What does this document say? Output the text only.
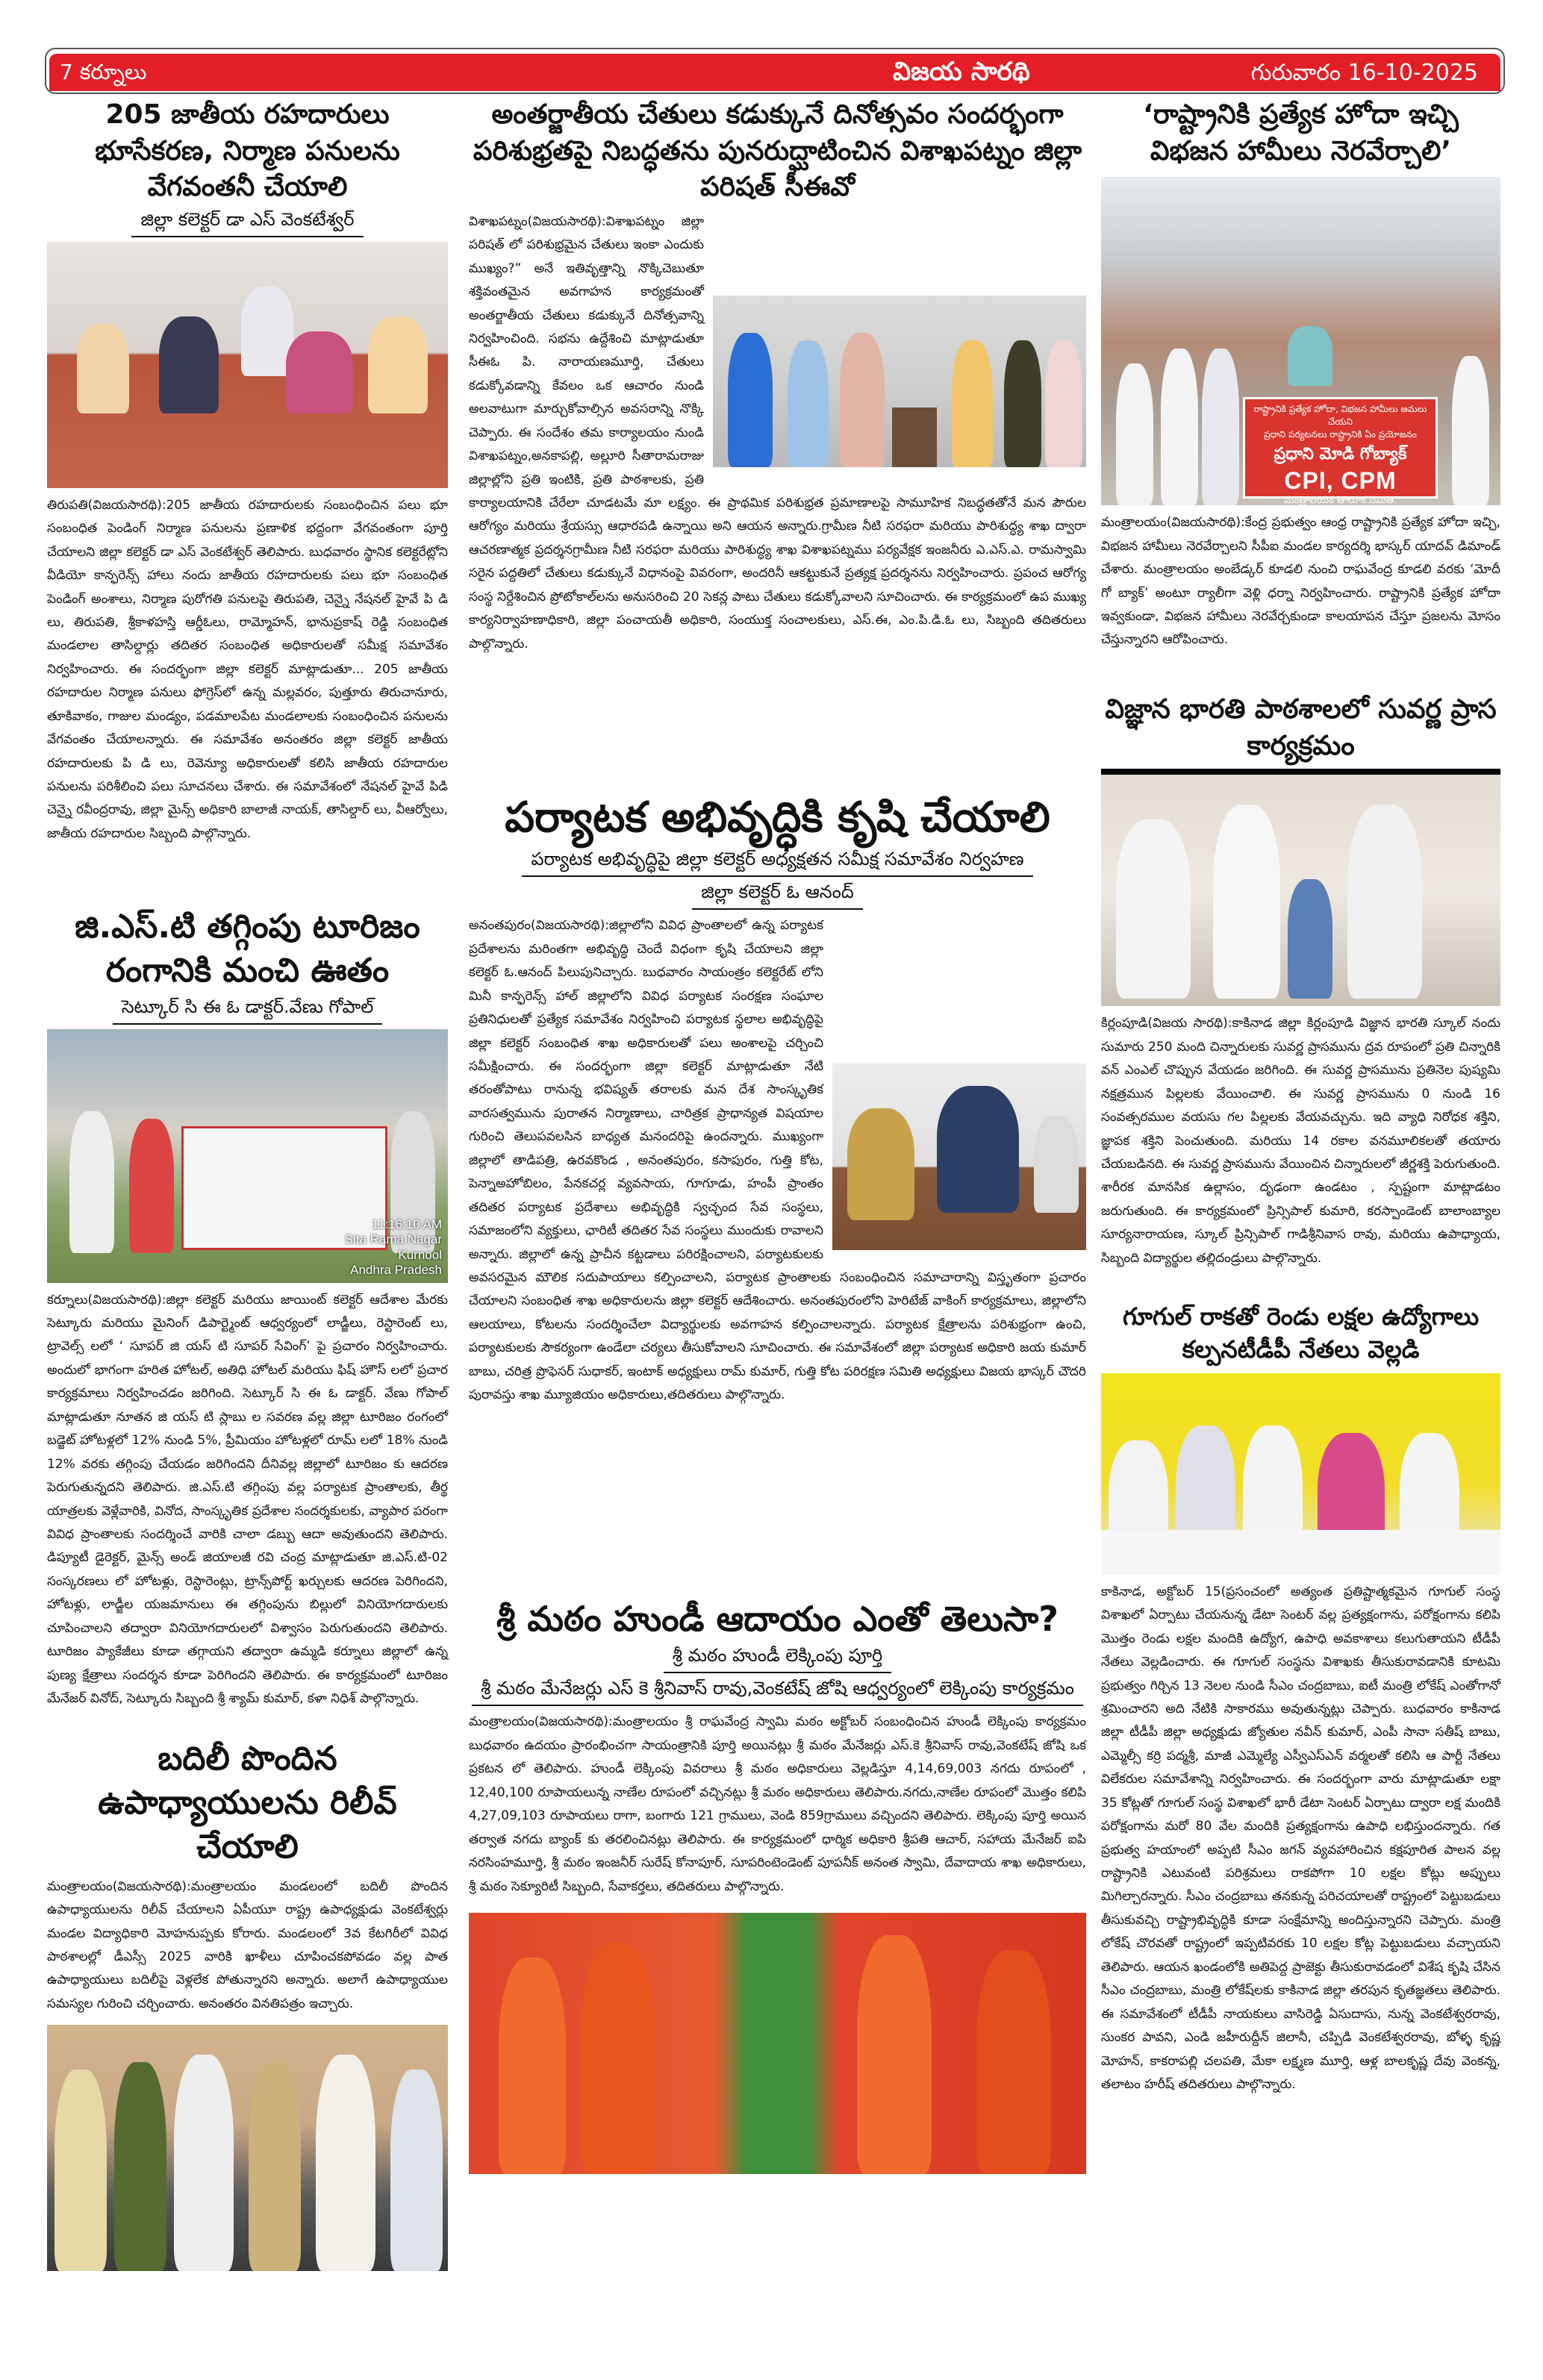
7 కర్నూలు	విజయ సారథి	గురువారం 16-10-2025
205 జాతీయ రహదారులు భూసేకరణ, నిర్మాణ పనులను వేగవంతనీ చేయాలి
జిల్లా కలెక్టర్ డా ఎస్ వెంకటేశ్వర్

తిరుపతి(విజయసారథి):205 జాతీయ రహదారులకు సంబంధించిన పలు భూ సంబంధిత పెండింగ్ నిర్మాణ పనులను ప్రణాళిక భద్దంగా వేగవంతంగా పూర్తి చేయాలని జిల్లా కలెక్టర్ డా ఎస్ వెంకటేశ్వర్ తెలిపారు. బుధవారం స్థానిక కలెక్టరేట్లోని వీడియో కాన్ఫరెన్స్ హాలు నందు జాతీయ రహదారులకు పలు భూ సంబంధిత పెండింగ్ అంశాలు, నిర్మాణ పురోగతి పనులపై తిరుపతి, చెన్నై నేషనల్ హైవే పి డి లు, తిరుపతి, శ్రీకాళహస్తి ఆర్డీఓలు, రామ్మోహన్, భానుప్రకాష్ రెడ్డి సంబంధిత మండలాల తాసిల్దార్లు తదితర సంబంధిత అధికారులతో సమీక్ష సమావేశం నిర్వహించారు. ఈ సందర్భంగా జిల్లా కలెక్టర్ మాట్లాడుతూ... 205 జాతీయ రహదారుల నిర్మాణ పనులు ఫోగ్రెస్‌లో ఉన్న మల్లవరం, పుత్తూరు తిరుచానూరు, తూకివాకం, గాజుల మండ్యం, పడమాలపేట మండలాలకు సంబంధించిన పనులను వేగవంతం చేయాలన్నారు. ఈ సమావేశం అనంతరం జిల్లా కలెక్టర్ జాతీయ రహదారులకు పి డి లు, రెవెన్యూ అధికారులతో కలిసి జాతీయ రహదారుల పనులను పరిశీలించి పలు సూచనలు చేశారు. ఈ సమావేశంలో నేషనల్ హైవే పిడి చెన్నై రవీంద్రరావు, జిల్లా మైన్స్ అధికారి బాలాజీ నాయక్, తాసిల్దార్ లు, వీఆర్వోలు, జాతీయ రహదారుల సిబ్బంది పాల్గొన్నారు.

జి.ఎస్.టి తగ్గింపు టూరిజం రంగానికి మంచి ఊతం
సెట్కూర్ సి ఈ ఓ డాక్టర్.వేణు గోపాల్
11:16:10 AM
Sita Rama Nagar
Kurnool
Andhra Pradesh

కర్నూలు(విజయసారథి):జిల్లా కలెక్టర్ మరియు జాయింట్ కలెక్టర్ ఆదేశాల మేరకు సెట్కూరు మరియు మైనింగ్ డిపార్ట్మెంట్ ఆధ్వర్యంలో లాడ్జీలు, రెస్టారెంట్ లు, ట్రావెల్స్ లలో ‘ సూపర్ జి యస్ టి సూపర్ సేవింగ్’ పై ప్రచారం నిర్వహించారు. అందులో భాగంగా హరిత హోటల్, అతిధి హోటల్ మరియు ఫిష్ హౌస్ లలో ప్రచార కార్యక్రమాలు నిర్వహించడం జరిగింది. సెట్కూర్ సి ఈ ఓ డాక్టర్. వేణు గోపాల్ మాట్లాడుతూ నూతన జి యస్ టి స్లాబు ల సవరణ వల్ల జిల్లా టూరిజం రంగంలో బడ్జెట్ హోటళ్లలో 12% నుండి 5%, ప్రీమియం హోటళ్లలో రూమ్ లలో 18% నుండి 12% వరకు తగ్గింపు చేయడం జరిగిందని దీనివల్ల జిల్లాలో టూరిజం కు ఆదరణ పెరుగుతున్నదని తెలిపారు. జి.ఎస్.టి తగ్గింపు వల్ల పర్యాటక ప్రాంతాలకు, తీర్థ యాత్రలకు వెళ్లేవారికి, వినోద, సాంస్కృతిక ప్రదేశాల సందర్శకులకు, వ్యాపార పరంగా వివిధ ప్రాంతాలకు సందర్శించే వారికి చాలా డబ్బు ఆదా అవుతుందని తెలిపారు. డిప్యూటీ డైరెక్టర్, మైన్స్ అండ్ జియాలజీ రవి చంద్ర మాట్లాడుతూ జి.ఎస్.టి-02 సంస్కరణలు లో హోటళ్లు, రెస్టారెంట్లు, ట్రాన్స్‌పోర్ట్ ఖర్చులకు ఆదరణ పెరిగిందని, హోటళ్లు, లాడ్జీల యజమానులు ఈ తగ్గింపును బిల్లులో వినియోగదారులకు చూపించాలని తద్వారా వినియోగదారులలో విశ్వాసం పెరుగుతుందని తెలిపారు. టూరిజం ప్యాకేజీలు కూడా తగ్గాయని తద్వారా ఉమ్మడి కర్నూలు జిల్లాలో ఉన్న పుణ్య క్షేత్రాలు సందర్శన కూడా పెరిగిందని తెలిపారు. ఈ కార్యక్రమంలో టూరిజం మేనేజర్ వినోద్, సెట్కూరు సిబ్బంది శ్రీ శ్యామ్ కుమార్, కళా నిధిశ్ పాల్గొన్నారు.

బదిలీ పొందిన ఉపాధ్యాయులను రిలీవ్ చేయాలి

మంత్రాలయం(విజయసారథి):మంత్రాలయం మండలంలో బదిలీ పొందిన ఉపాధ్యాయులను రిలీవ్ చేయాలని ఏపీయూ రాష్ట్ర ఉపాధ్యక్షుడు వెంకటేశ్వర్లు మండల విద్యాధికారి మోహనుప్పకు కోరారు. మండలంలో 3వ కేటగిరీలో వివిధ పాఠశాలల్లో డీఎస్సీ 2025 వారికి ఖాళీలు చూపించకపోవడం వల్ల పాత ఉపాధ్యాయులు బదిలీపై వెళ్లలేక పోతున్నారని అన్నారు. అలాగే ఉపాధ్యాయుల సమస్యల గురించి చర్చించారు. అనంతరం వినతిపత్రం ఇచ్చారు.

అంతర్జాతీయ చేతులు కడుక్కునే దినోత్సవం సందర్భంగా పరిశుభ్రతపై నిబద్ధతను పునరుద్ఘాటించిన విశాఖపట్నం జిల్లా పరిషత్ సీఈవో

విశాఖపట్నం(విజయసారథి):విశాఖపట్నం జిల్లా పరిషత్ లో పరిశుభ్రమైన చేతులు ఇంకా ఎందుకు ముఖ్యం?” అనే ఇతివృత్తాన్ని నొక్కిచెబుతూ శక్తివంతమైన అవగాహన కార్యక్రమంతో అంతర్జాతీయ చేతులు కడుక్కునే దినోత్సవాన్ని నిర్వహించింది. సభను ఉద్దేశించి మాట్లాడుతూ సీఈఓ పి. నారాయణమూర్తి, చేతులు కడుక్కోవడాన్ని కేవలం ఒక ఆచారం నుండి అలవాటుగా మార్చుకోవాల్సిన అవసరాన్ని నొక్కి చెప్పారు. ఈ సందేశం తమ కార్యాలయం నుండి విశాఖపట్నం,అనకాపల్లి, అల్లూరి సీతారామరాజు జిల్లాల్లోని ప్రతి ఇంటికి, ప్రతి పాఠశాలకు, ప్రతి కార్యాలయానికి చేరేలా చూడటమే మా లక్ష్యం. ఈ ప్రాథమిక పరిశుభ్రత ప్రమాణాలపై సామూహిక నిబద్ధతతోనే మన పౌరుల ఆరోగ్యం మరియు శ్రేయస్సు ఆధారపడి ఉన్నాయి అని ఆయన అన్నారు.గ్రామీణ నీటి సరఫరా మరియు పారిశుద్ధ్య శాఖ ద్వారా ఆచరణాత్మక ప్రదర్శనగ్రామీణ నీటి సరఫరా మరియు పారిశుద్ధ్య శాఖ విశాఖపట్నము పర్యవేక్షక ఇంజనీరు ఎ.ఎస్.ఎ. రామస్వామి సరైన పద్దతిలో చేతులు కడుక్కునే విధానంపై వివరంగా, అందరినీ ఆకట్టుకునే ప్రత్యక్ష ప్రదర్శనను నిర్వహించారు. ప్రపంచ ఆరోగ్య సంస్థ నిర్దేశించిన ప్రోటోకాల్‌లను అనుసరించి 20 సెకన్ల పాటు చేతులు కడుక్కోవాలని సూచించారు. ఈ కార్యక్రమంలో ఉప ముఖ్య కార్యనిర్వాహణాధికారి, జిల్లా పంచాయతీ అధికారి, సంయుక్త సంచాలకులు, ఎస్.ఈ, ఎం.పి.డి.ఓ లు, సిబ్బంది తదితరులు పాల్గొన్నారు.

పర్యాటక అభివృద్ధికి కృషి చేయాలి
పర్యాటక అభివృద్ధిపై జిల్లా కలెక్టర్ అధ్యక్షతన సమీక్ష సమావేశం నిర్వహణ
జిల్లా కలెక్టర్ ఓ ఆనంద్

అనంతపురం(విజయసారథి):జిల్లాలోని వివిధ ప్రాంతాలలో ఉన్న పర్యాటక ప్రదేశాలను మరింతగా అభివృద్ధి చెందే విధంగా కృషి చేయాలని జిల్లా కలెక్టర్ ఓ.ఆనంద్ పిలుపునిచ్చారు. బుధవారం సాయంత్రం కలెక్టరేట్ లోని మినీ కాన్ఫరెన్స్ హాల్ జిల్లాలోని వివిధ పర్యాటక సంరక్షణ సంఘాల ప్రతినిధులతో ప్రత్యేక సమావేశం నిర్వహించి పర్యాటక స్థలాల అభివృద్ధిపై జిల్లా కలెక్టర్ సంబంధిత శాఖ అధికారులతో పలు అంశాలపై చర్చించి సమీక్షించారు. ఈ సందర్భంగా జిల్లా కలెక్టర్ మాట్లాడుతూ నేటి తరంతోపాటు రానున్న భవిష్యత్ తరాలకు మన దేశ సాంస్కృతిక వారసత్వమును పురాతన నిర్మాణాలు, చారిత్రక ప్రాధాన్యత విషయాల గురించి తెలుపవలసిన బాధ్యత మనందరిపై ఉందన్నారు. ముఖ్యంగా జిల్లాలో తాడిపత్రి, ఉరవకొండ , అనంతపురం, కసాపురం, గుత్తి కోట, పెన్నాఅహోబిలం, పేనకచర్ల వ్యవసాయ, గూగూడు, హంపీ ప్రాంతం తదితర పర్యాటక ప్రదేశాలు అభివృద్ధికి స్వచ్ఛంద సేవ సంస్థలు, సమాజంలోని వ్యక్తులు, ఛారిటీ తదితర సేవ సంస్థలు ముందుకు రావాలని అన్నారు. జిల్లాలో ఉన్న ప్రాచీన కట్టడాలు పరిరక్షించాలని, పర్యాటకులకు అవసరమైన మౌలిక సదుపాయాలు కల్పించాలని, పర్యాటక ప్రాంతాలకు సంబంధించిన సమాచారాన్ని విస్తృతంగా ప్రచారం చేయాలని సంబంధిత శాఖ అధికారులను జిల్లా కలెక్టర్ ఆదేశించారు. అనంతపురంలోని హెరిటేజ్ వాకింగ్ కార్యక్రమాలు, జిల్లాలోని ఆలయాలు, కోటలను సందర్శించేలా విద్యార్థులకు అవగాహన కల్పించాలన్నారు. పర్యాటక క్షేత్రాలను పరిశుభ్రంగా ఉంచి, పర్యాటకులకు సౌకర్యంగా ఉండేలా చర్యలు తీసుకోవాలని సూచించారు. ఈ సమావేశంలో జిల్లా పర్యాటక అధికారి జయ కుమార్ బాబు, చరిత్ర ప్రొఫెసర్ సుధాకర్, ఇంటాక్ అధ్యక్షులు రామ్ కుమార్, గుత్తి కోట పరిరక్షణ సమితి అధ్యక్షులు విజయ భాస్కర్ చౌదరి పురావస్తు శాఖ మ్యూజియం అధికారులు,తదితరులు పాల్గొన్నారు.

శ్రీ మఠం హుండీ ఆదాయం ఎంతో తెలుసా?
శ్రీ మఠం హుండీ లెక్కింపు పూర్తి
శ్రీ మఠం మేనేజర్లు ఎస్ కె శ్రీనివాస్ రావు,వెంకటేష్ జోషి ఆధ్వర్యంలో లెక్కింపు కార్యక్రమం

మంత్రాలయం(విజయసారథి):మంత్రాలయం శ్రీ రాఘవేంద్ర స్వామి మఠం అక్టోబర్ సంబంధించిన హుండీ లెక్కింపు కార్యక్రమం బుధవారం ఉదయం ప్రారంభించగా సాయంత్రానికి పూర్తి అయినట్లు శ్రీ మఠం మేనేజర్లు ఎస్.కె శ్రీనివాస్ రావు,వెంకటేష్ జోషి ఒక ప్రకటన లో తెలిపారు. హుండీ లెక్కింపు వివరాలు శ్రీ మఠం అధికారులు వెల్లడిస్తూ 4,14,69,003 నగదు రూపంలో , 12,40,100 రూపాయలున్న నాణేల రూపంలో వచ్చినట్లు శ్రీ మఠం అధికారులు తెలిపారు.నగదు,నాణేల రూపంలో మొత్తం కలిపి 4,27,09,103 రూపాయలు రాగా, బంగారు 121 గ్రాములు, వెండి 859గ్రాములు వచ్చిందని తెలిపారు. లెక్కింపు పూర్తి అయిన తర్వాత నగదు బ్యాంక్ కు తరలించినట్లు తెలిపారు. ఈ కార్యక్రమంలో ధార్మిక అధికారి శ్రీపతి ఆచార్, సహాయ మేనేజర్ ఐపి నరసింహమూర్తి, శ్రీ మఠం ఇంజనీర్ సురేష్ కోనాపూర్, సూపరింటెండెంట్ పూపనీక్ అనంత స్వామి, దేవాదాయ శాఖ అధికారులు, శ్రీ మఠం సెక్యూరిటీ సిబ్బంది, సేవాకర్తలు, తదితరులు పాల్గొన్నారు.

‘రాష్ట్రానికి ప్రత్యేక హోదా ఇచ్చి విభజన హామీలు నెరవేర్చాలి’
రాష్ట్రానికి ప్రత్యేక హోదా, విభజన హామీలు అమలు చేయని
ప్రధాని పర్యటనలు రాష్ట్రానికి ఏం ప్రయోజనం
ప్రధాని మోడి గోబ్యాక్
CPI, CPM
మంత్రాలయం తాలూక సమితి.

మంత్రాలయం(విజయసారథి):కేంద్ర ప్రభుత్వం ఆంధ్ర రాష్ట్రానికి ప్రత్యేక హోదా ఇచ్చి, విభజన హామీలు నెరవేర్చాలని సీపీఐ మండల కార్యదర్శి భాస్కర్ యాదవ్ డిమాండ్ చేశారు. మంత్రాలయం అంబేడ్కర్ కూడలి నుంచి రాఘవేంద్ర కూడలి వరకు ‘మోదీ గో బ్యాక్’ అంటూ ర్యాలీగా వెళ్లి ధర్నా నిర్వహించారు. రాష్ట్రానికి ప్రత్యేక హోదా ఇవ్వకుండా, విభజన హామీలు నెరవేర్చకుండా కాలయాపన చేస్తూ ప్రజలను మోసం చేస్తున్నారని ఆరోపించారు.

విజ్ఞాన భారతి పాఠశాలలో సువర్ణ ప్రాస కార్యక్రమం

కిర్లంపూడి(విజయ సారథి):కాకినాడ జిల్లా కిర్లంపూడి విజ్ఞాన భారతి స్కూల్ నందు సుమారు 250 మంది చిన్నారులకు సువర్ణ ప్రాసమును ద్రవ రూపంలో ప్రతి చిన్నారికి వన్ ఎంఎల్ చొప్పున వేయడం జరిగింది. ఈ సువర్ణ ప్రాసమును ప్రతినెల పుష్యమి నక్షత్రమున పిల్లలకు వేయించాలి. ఈ సువర్ణ ప్రాసమును 0 నుండి 16 సంవత్సరముల వయసు గల పిల్లలకు వేయవచ్చును. ఇది వ్యాధి నిరోధక శక్తిని, జ్ఞాపక శక్తిని పెంచుతుంది. మరియు 14 రకాల వనమూలికలతో తయారు చేయబడినది. ఈ సువర్ణ ప్రాసమును వేయించిన చిన్నారులలో జీర్ణశక్తి పెరుగుతుంది. శారీరక మానసిక ఉల్లాసం, దృఢంగా ఉండటం , స్పష్టంగా మాట్లాడటం జరుగుతుంది. ఈ కార్యక్రమంలో ప్రిన్సిపాల్ కుమారి, కరస్పాండెంట్ బాలాంబ్యాల సూర్యనారాయణ, స్కూల్ ప్రిన్సిపాల్ గాడిశ్రీనివాస రావు, మరియు ఉపాధ్యాయ, సిబ్బంది విద్యార్థుల తల్లిదండ్రులు పాల్గొన్నారు.

గూగుల్ రాకతో రెండు లక్షల ఉద్యోగాలు కల్పనటీడీపీ నేతలు వెల్లడి

కాకినాడ, అక్టోబర్ 15(ప్రసంచంలో అత్యంత ప్రతిష్టాత్మకమైన గూగుల్ సంస్థ విశాఖలో ఏర్పాటు చేయనున్న డేటా సెంటర్ వల్ల ప్రత్యక్షంగాను, పరోక్షంగాను కలిపి మొత్తం రెండు లక్షల మందికి ఉద్యోగ, ఉపాధి అవకాశాలు కలుగుతాయని టీడీపీ నేతలు వెల్లడించారు. ఈ గూగుల్ సంస్థను విశాఖకు తీసుకురావడానికి కూటమి ప్రభుత్వం గిర్చిన 13 నెలల నుండి సీఎం చంద్రబాబు, ఐటీ మంత్రి లోకేష్ ఎంతోగానో శ్రమించారని అది నేటికి సాకారము అవుతున్నట్లు చెప్పారు. బుధవారం కాకినాడ జిల్లా టీడీపీ జిల్లా అధ్యక్షుడు జ్యోతుల నవీన్ కుమార్, ఎంపీ సానా సతీష్ బాబు, ఎమ్మెల్సీ కర్రి పద్మశ్రీ, మాజీ ఎమ్మెల్యే ఎస్వీఎస్ఎన్ వర్మలతో కలిసి ఆ పార్టీ నేతలు విలేకరుల సమావేశాన్ని నిర్వహించారు. ఈ సందర్భంగా వారు మాట్లాడుతూ లక్షా 35 కోట్లతో గూగుల్ సంస్థ విశాఖలో భారీ డేటా సెంటర్ ఏర్పాటు ద్వారా లక్ష మందికి పరోక్షంగాను మరో 80 వేల మందికి ప్రత్యక్షంగాను ఉపాధి లభిస్తుందన్నారు. గత ప్రభుత్వ హయాంలో అప్పటి సీఎం జగన్ వ్యవహారించిన కక్షపూరిత పాలన వల్ల రాష్ట్రానికి ఎటువంటి పరిశ్రమలు రాకపోగా 10 లక్షల కోట్లు అప్పులు మిగిల్చారన్నారు. సీఎం చంద్రబాబు తనకున్న పరిచయాలతో రాష్ట్రంలో పెట్టుబడులు తీసుకువచ్చి రాష్ట్రాభివృద్ధికి కూడా సంక్షేమాన్ని అందిస్తున్నారని చెప్పారు. మంత్రి లోకేష్ చొరవతో రాష్ట్రంలో ఇప్పటివరకు 10 లక్షల కోట్ల పెట్టుబడులు వచ్చాయని తెలిపారు. ఆయన ఖండంలోకి అతిపెద్ద ప్రాజెక్టు తీసుకురావడంలో విశేష కృషి చేసిన సీఎం చంద్రబాబు, మంత్రి లోకేష్‌లకు కాకినాడ జిల్లా తరపున కృతజ్ఞతలు తెలిపారు. ఈ సమావేశంలో టీడీపీ నాయకులు వాసిరెడ్డి ఏసుదాసు, నున్న వెంకటేశ్వరరావు, సుంకర పావని, ఎండి జహీరుద్దీన్ జిలానీ, చప్పిడి వెంకటేశ్వరరావు, బోళ్ళ కృష్ణ మోహన్, కాకరాపల్లి చలపతి, మేకా లక్ష్మణ మూర్తి, ఆళ్ల బాలకృష్ణ దేవు వెంకన్న, తలాటం హరీష్ తదితరులు పాల్గొన్నారు.
